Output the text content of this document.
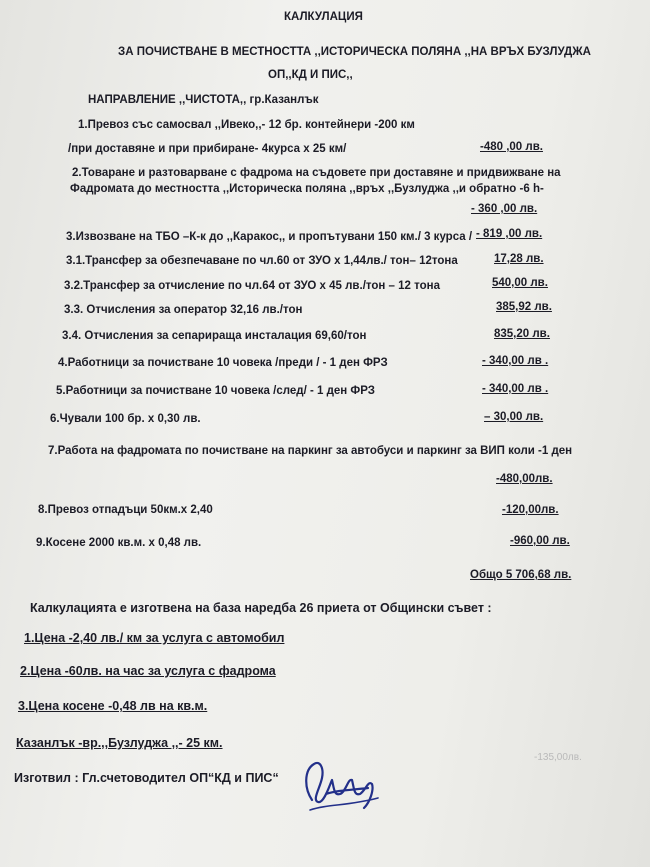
КАЛКУЛАЦИЯ
ЗА ПОЧИСТВАНЕ В МЕСТНОСТТА ,,ИСТОРИЧЕСКА ПОЛЯНА ,,НА ВРЪХ БУЗЛУДЖА
ОП,,КД И ПИС,,
НАПРАВЛЕНИЕ ,,ЧИСТОТА,, гр.Казанлък
1.Превоз със самосвал ,,Ивеко,,- 12 бр. контейнери -200 км
/при доставяне и при прибиране- 4курса х 25 км/	-480 ,00 лв.
2.Товаране и разтоварване с фадрома на съдовете при доставяне и придвижване на
Фадромата до местността ,,Историческа поляна ,,връх ,,Бузлуджа ,,и обратно -6 h-
- 360 ,00 лв.
3.Извозване на ТБО –К-к до ,,Каракос,, и пропътувани 150 км./ 3 курса / - 819 ,00 лв.
3.1.Трансфер за обезпечаване по чл.60 от ЗУО х 1,44лв./ тон– 12тона	17,28 лв.
3.2.Трансфер за отчисление по чл.64 от ЗУО х 45 лв./тон – 12 тона	540,00 лв.
3.3. Отчисления за оператор 32,16 лв./тон	385,92 лв.
3.4. Отчисления за сепарираща инсталация 69,60/тон	835,20 лв.
4.Работници за почистване 10 човека /преди / - 1 ден ФРЗ	- 340,00 лв .
5.Работници за почистване 10 човека /след/ - 1 ден ФРЗ	- 340,00 лв .
6.Чували 100 бр. х 0,30 лв.	– 30,00 лв.
7.Работа на фадромата по почистване на паркинг за автобуси и паркинг за ВИП коли -1 ден
-480,00лв.
8.Превоз отпадъци 50км.х 2,40	-120,00лв.
9.Косене 2000 кв.м. х 0,48 лв.	-960,00 лв.
Общо 5 706,68 лв.
Калкулацията е изготвена на база наредба 26 приета от Общински съвет :
1.Цена -2,40 лв./ км за услуга с автомобил
2.Цена -60лв. на час за услуга с фадрома
3.Цена косене -0,48 лв на кв.м.
Казанлък -вр.,,Бузлуджа ,,- 25 км.
-135,00лв.
Изготвил : Гл.счетоводител ОП“КД и ПИС“
